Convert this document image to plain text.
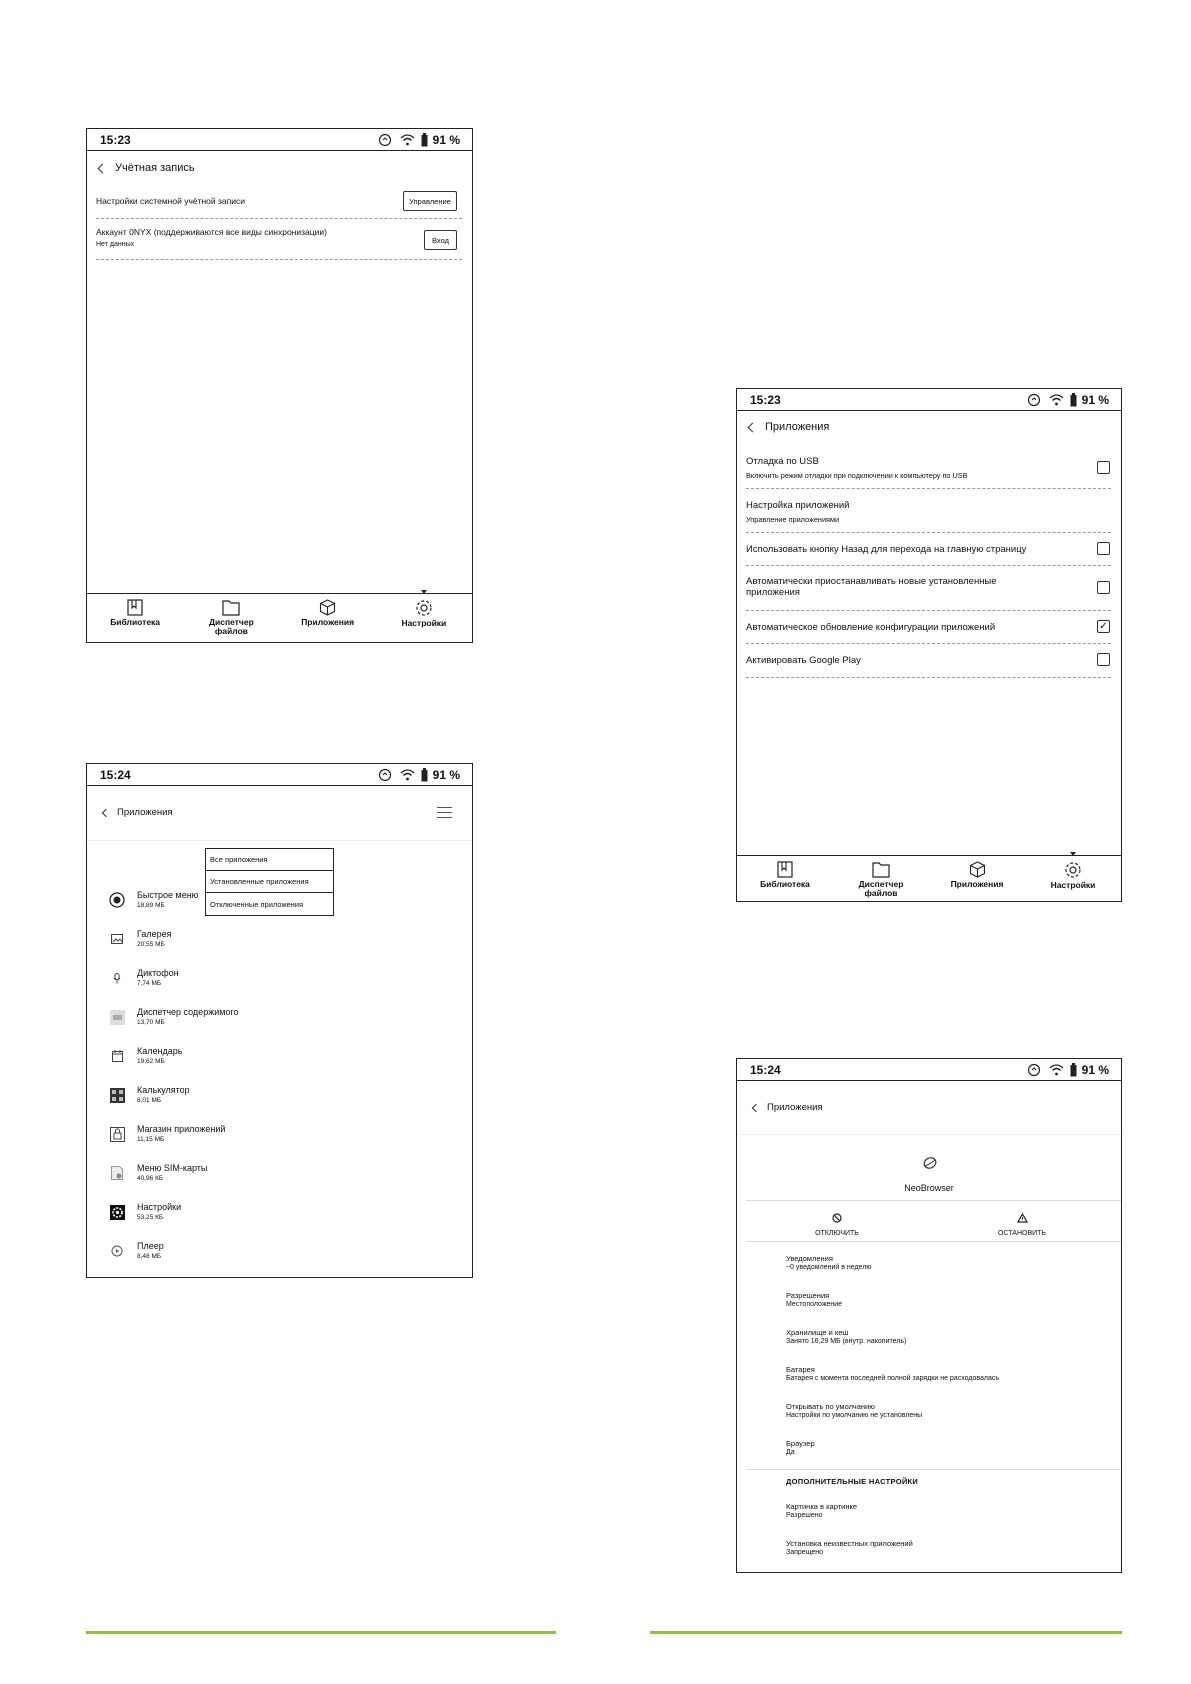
15:23	91 %
Учётная запись
Настройки системной учётной записи	Управление
Аккаунт 0NYX (поддерживаются все виды синхронизации)
Нет данных	Вход
Библиотека	Диспетчер файлов
Приложения	Настройки
15:24	91 %
Приложения
Все приложения
Установленные приложения
Отключенные приложения
Быстрое меню
18,89 МБ
Галерея
20,55 МБ
Диктофон
7,74 МБ
Диспетчер содержимого
13,70 МБ
Календарь
19,62 МБ
Калькулятор
8,01 МБ
Магазин приложений
11,15 МБ
Меню SIM-карты
40,96 КБ
Настройки
53,25 КБ
Плеер
8,48 МБ
15:23	91 %
Приложения
Отладка по USB
Включить режим отладки при подключении к компьютеру по USB
Настройка приложений
Управление приложениями
Использовать кнопку Назад для перехода на главную страницу
Автоматически приостанавливать новые установленные приложения
Автоматическое обновление конфигурации приложений	✓
Активировать Google Play
Библиотека	Диспетчер файлов
Приложения	Настройки
15:24	91 %
Приложения
NeoBrowser
ОТКЛЮЧИТЬ	ОСТАНОВИТЬ
Уведомления
~0 уведомлений в неделю
Разрешения
Местоположение
Хранилище и кеш
Занято 16,29 МБ (внутр. накопитель)
Батарея
Батарея с момента последней полной зарядки не расходовалась
Открывать по умолчанию
Настройки по умолчанию не установлены
Браузер
Да
ДОПОЛНИТЕЛЬНЫЕ НАСТРОЙКИ
Картинка в картинке
Разрешено
Установка неизвестных приложений
Запрещено
